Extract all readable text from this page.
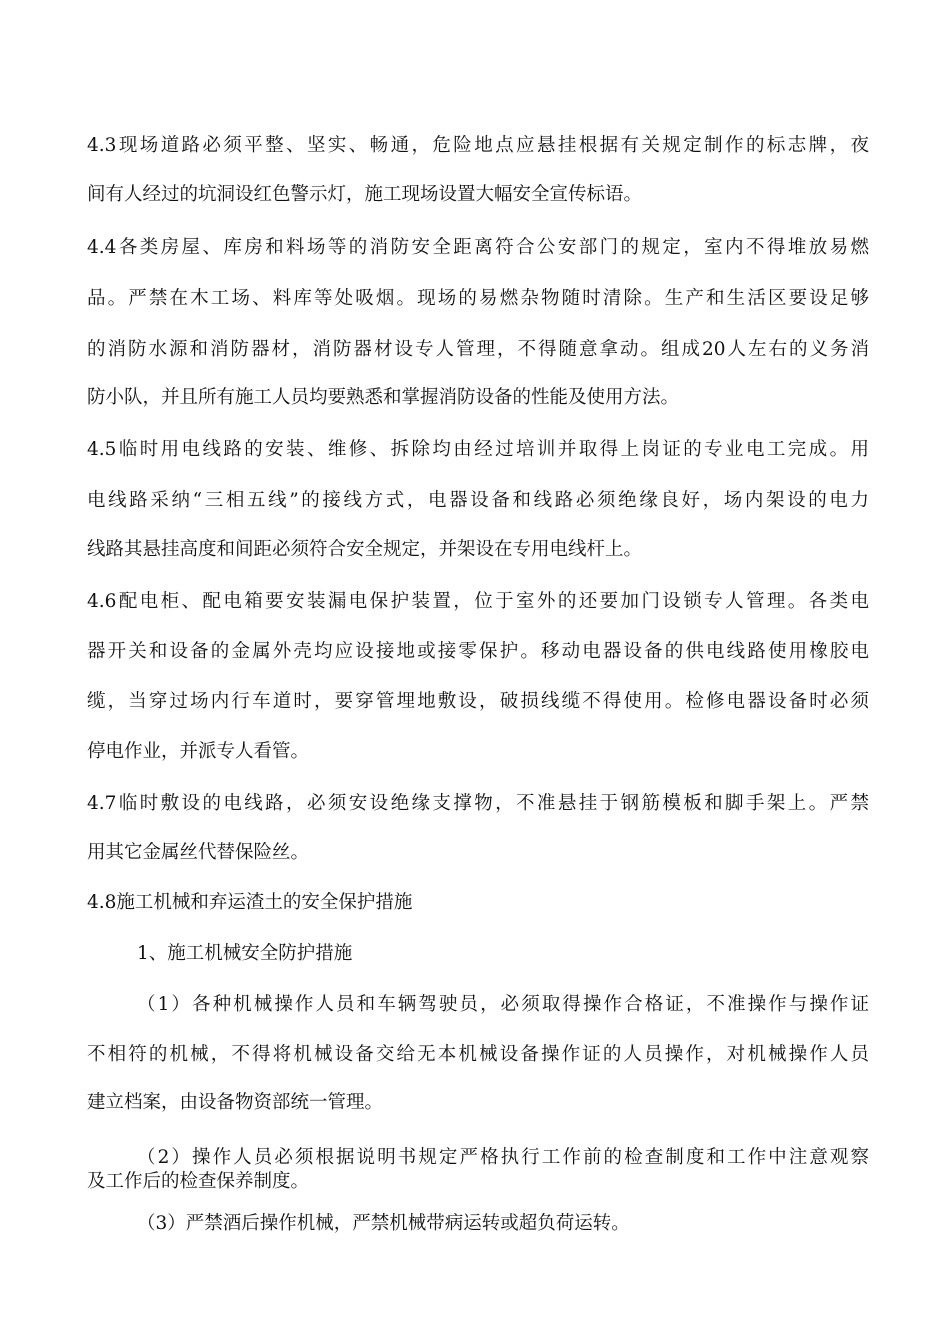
4.3现场道路必须平整、坚实、畅通，危险地点应悬挂根据有关规定制作的标志牌，夜
间有人经过的坑洞设红色警示灯，施工现场设置大幅安全宣传标语。
4.4各类房屋、库房和料场等的消防安全距离符合公安部门的规定，室内不得堆放易燃
品。严禁在木工场、料库等处吸烟。现场的易燃杂物随时清除。生产和生活区要设足够
的消防水源和消防器材，消防器材设专人管理，不得随意拿动。组成20人左右的义务消
防小队，并且所有施工人员均要熟悉和掌握消防设备的性能及使用方法。
4.5临时用电线路的安装、维修、拆除均由经过培训并取得上岗证的专业电工完成。用
电线路采纳“三相五线”的接线方式，电器设备和线路必须绝缘良好，场内架设的电力
线路其悬挂高度和间距必须符合安全规定，并架设在专用电线杆上。
4.6配电柜、配电箱要安装漏电保护装置，位于室外的还要加门设锁专人管理。各类电
器开关和设备的金属外壳均应设接地或接零保护。移动电器设备的供电线路使用橡胶电
缆，当穿过场内行车道时，要穿管埋地敷设，破损线缆不得使用。检修电器设备时必须
停电作业，并派专人看管。
4.7临时敷设的电线路，必须安设绝缘支撑物，不准悬挂于钢筋模板和脚手架上。严禁
用其它金属丝代替保险丝。
4.8施工机械和弃运渣土的安全保护措施
1、施工机械安全防护措施
（1）各种机械操作人员和车辆驾驶员，必须取得操作合格证，不准操作与操作证
不相符的机械，不得将机械设备交给无本机械设备操作证的人员操作，对机械操作人员
建立档案，由设备物资部统一管理。
（2）操作人员必须根据说明书规定严格执行工作前的检查制度和工作中注意观察
及工作后的检查保养制度。
（3）严禁酒后操作机械，严禁机械带病运转或超负荷运转。
